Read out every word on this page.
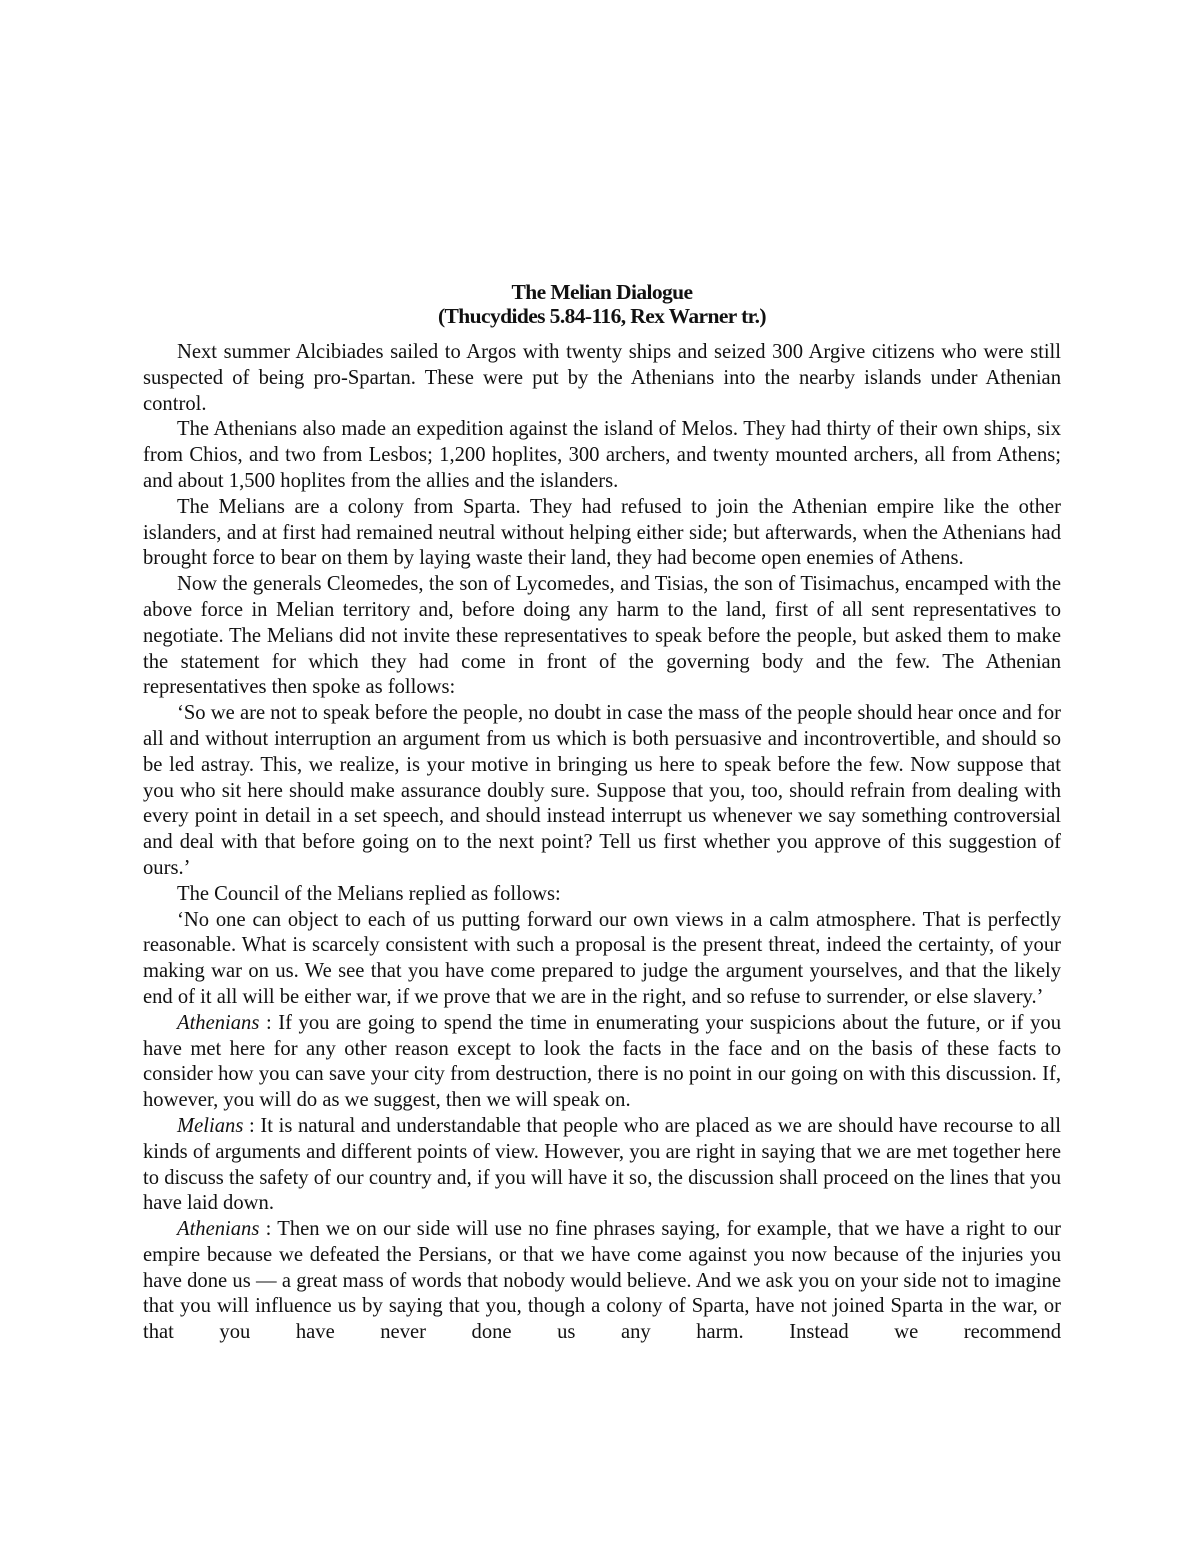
The Melian Dialogue
(Thucydides 5.84-116, Rex Warner tr.)

Next summer Alcibiades sailed to Argos with twenty ships and seized 300 Argive citizens who were still suspected of being pro-Spartan. These were put by the Athenians into the nearby islands under Athenian control.

The Athenians also made an expedition against the island of Melos. They had thirty of their own ships, six from Chios, and two from Lesbos; 1,200 hoplites, 300 archers, and twenty mounted archers, all from Athens; and about 1,500 hoplites from the allies and the islanders.

The Melians are a colony from Sparta. They had refused to join the Athenian empire like the other islanders, and at first had remained neutral without helping either side; but afterwards, when the Athenians had brought force to bear on them by laying waste their land, they had become open enemies of Athens.

Now the generals Cleomedes, the son of Lycomedes, and Tisias, the son of Tisimachus, encamped with the above force in Melian territory and, before doing any harm to the land, first of all sent representatives to negotiate. The Melians did not invite these representatives to speak before the people, but asked them to make the statement for which they had come in front of the governing body and the few. The Athenian representatives then spoke as follows:

‘So we are not to speak before the people, no doubt in case the mass of the people should hear once and for all and without interruption an argument from us which is both persuasive and incontrovertible, and should so be led astray. This, we realize, is your motive in bringing us here to speak before the few. Now suppose that you who sit here should make assurance doubly sure. Suppose that you, too, should refrain from dealing with every point in detail in a set speech, and should instead interrupt us whenever we say something controversial and deal with that before going on to the next point? Tell us first whether you approve of this suggestion of ours.’

The Council of the Melians replied as follows:

‘No one can object to each of us putting forward our own views in a calm atmosphere. That is perfectly reasonable. What is scarcely consistent with such a proposal is the present threat, indeed the certainty, of your making war on us. We see that you have come prepared to judge the argument yourselves, and that the likely end of it all will be either war, if we prove that we are in the right, and so refuse to surrender, or else slavery.’

Athenians : If you are going to spend the time in enumerating your suspicions about the future, or if you have met here for any other reason except to look the facts in the face and on the basis of these facts to consider how you can save your city from destruction, there is no point in our going on with this discussion. If, however, you will do as we suggest, then we will speak on.

Melians : It is natural and understandable that people who are placed as we are should have recourse to all kinds of arguments and different points of view. However, you are right in saying that we are met together here to discuss the safety of our country and, if you will have it so, the discussion shall proceed on the lines that you have laid down.

Athenians : Then we on our side will use no fine phrases saying, for example, that we have a right to our empire because we defeated the Persians, or that we have come against you now because of the injuries you have done us — a great mass of words that nobody would believe. And we ask you on your side not to imagine that you will influence us by saying that you, though a colony of Sparta, have not joined Sparta in the war, or that you have never done us any harm. Instead we recommend
